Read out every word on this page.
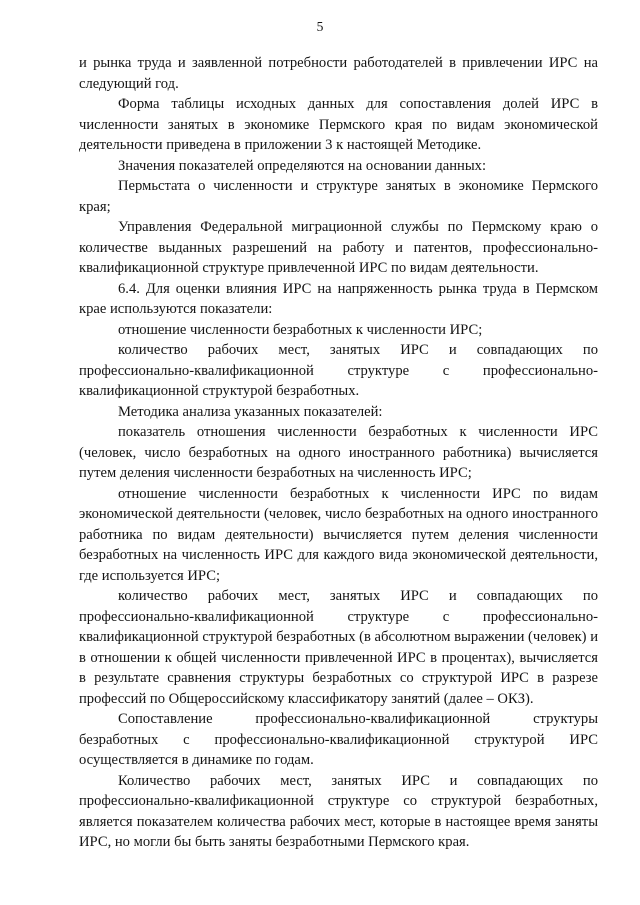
5

и рынка труда и заявленной потребности работодателей в привлечении ИРС на следующий год.

Форма таблицы исходных данных для сопоставления долей ИРС в численности занятых в экономике Пермского края по видам экономической деятельности приведена в приложении 3 к настоящей Методике.

Значения показателей определяются на основании данных:

Пермьстата о численности и структуре занятых в экономике Пермского края;

Управления Федеральной миграционной службы по Пермскому краю о количестве выданных разрешений на работу и патентов, профессионально-квалификационной структуре привлеченной ИРС по видам деятельности.

6.4. Для оценки влияния ИРС на напряженность рынка труда в Пермском крае используются показатели:

отношение численности безработных к численности ИРС;

количество рабочих мест, занятых ИРС и совпадающих по профессионально-квалификационной структуре с профессионально-квалификационной структурой безработных.

Методика анализа указанных показателей:

показатель отношения численности безработных к численности ИРС (человек, число безработных на одного иностранного работника) вычисляется путем деления численности безработных на численность ИРС;

отношение численности безработных к численности ИРС по видам экономической деятельности (человек, число безработных на одного иностранного работника по видам деятельности) вычисляется путем деления численности безработных на численность ИРС для каждого вида экономической деятельности, где используется ИРС;

количество рабочих мест, занятых ИРС и совпадающих по профессионально-квалификационной структуре с профессионально-квалификационной структурой безработных (в абсолютном выражении (человек) и в отношении к общей численности привлеченной ИРС в процентах), вычисляется в результате сравнения структуры безработных со структурой ИРС в разрезе профессий по Общероссийскому классификатору занятий (далее – ОКЗ).

Сопоставление профессионально-квалификационной структуры безработных с профессионально-квалификационной структурой ИРС осуществляется в динамике по годам.

Количество рабочих мест, занятых ИРС и совпадающих по профессионально-квалификационной структуре со структурой безработных, является показателем количества рабочих мест, которые в настоящее время заняты ИРС, но могли бы быть заняты безработными Пермского края.
